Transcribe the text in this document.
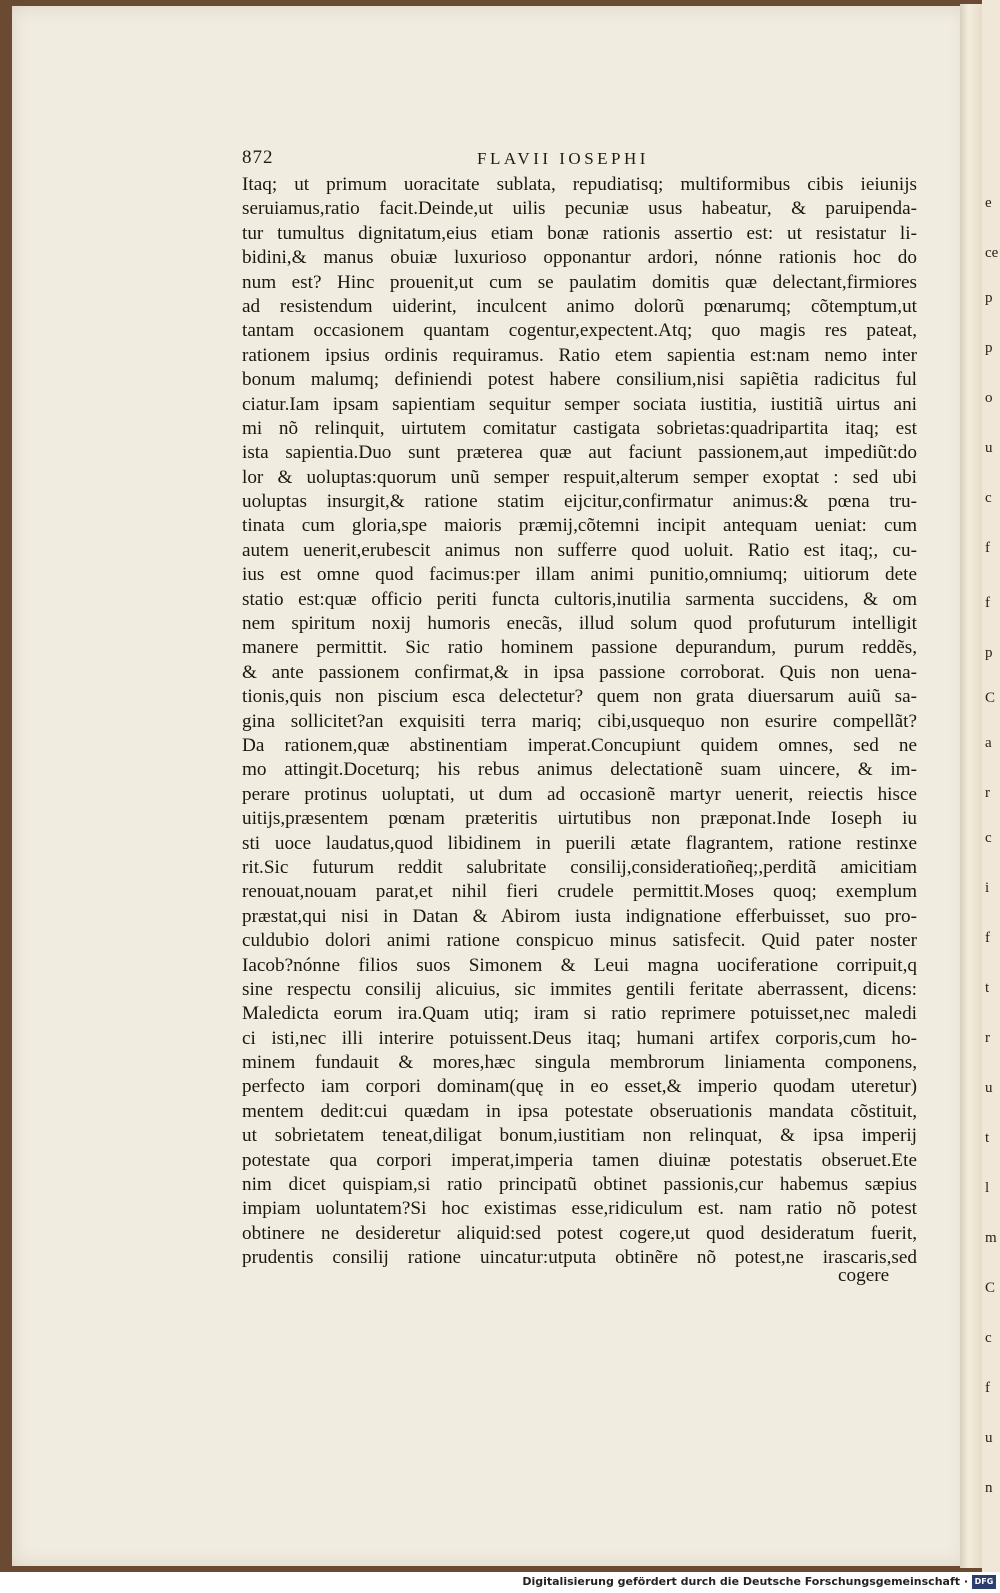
872	FLAVII IOSEPHI
Itaq; ut primum uoracitate sublata, repudiatisq; multiformibus cibis ieiunijs
seruiamus,ratio facit.Deinde,ut uilis pecuniæ usus habeatur, & paruipenda-
tur tumultus dignitatum,eius etiam bonæ rationis assertio est: ut resistatur li-
bidini,& manus obuiæ luxurioso opponantur ardori, nónne rationis hoc do
num est? Hinc prouenit,ut cum se paulatim domitis quæ delectant,firmiores
ad resistendum uiderint, inculcent animo dolorũ pœnarumq; cõtemptum,ut
tantam occasionem quantam cogentur,expectent.Atq; quo magis res pateat,
rationem ipsius ordinis requiramus. Ratio etem sapientia est:nam nemo inter
bonum malumq; definiendi potest habere consilium,nisi sapiẽtia radicitus ful
ciatur.Iam ipsam sapientiam sequitur semper sociata iustitia, iustitiã uirtus ani
mi nõ relinquit, uirtutem comitatur castigata sobrietas:quadripartita itaq; est
ista sapientia.Duo sunt præterea quæ aut faciunt passionem,aut impediũt:do
lor & uoluptas:quorum unũ semper respuit,alterum semper exoptat : sed ubi
uoluptas insurgit,& ratione statim eijcitur,confirmatur animus:& pœna tru-
tinata cum gloria,spe maioris præmij,cõtemni incipit antequam ueniat: cum
autem uenerit,erubescit animus non sufferre quod uoluit. Ratio est itaq;, cu-
ius est omne quod facimus:per illam animi punitio,omniumq; uitiorum dete
statio est:quæ officio periti functa cultoris,inutilia sarmenta succidens, & om
nem spiritum noxij humoris enecãs, illud solum quod profuturum intelligit
manere permittit. Sic ratio hominem passione depurandum, purum reddẽs,
& ante passionem confirmat,& in ipsa passione corroborat. Quis non uena-
tionis,quis non piscium esca delectetur? quem non grata diuersarum auiũ sa-
gina sollicitet?an exquisiti terra mariq; cibi,usquequo non esurire compellãt?
Da rationem,quæ abstinentiam imperat.Concupiunt quidem omnes, sed ne
mo attingit.Doceturq; his rebus animus delectationẽ suam uincere, & im-
perare protinus uoluptati, ut dum ad occasionẽ martyr uenerit, reiectis hisce
uitijs,præsentem pœnam præteritis uirtutibus non præponat.Inde Ioseph iu
sti uoce laudatus,quod libidinem in puerili ætate flagrantem, ratione restinxe
rit.Sic futurum reddit salubritate consilij,consideratioñeq;,perditã amicitiam
renouat,nouam parat,et nihil fieri crudele permittit.Moses quoq; exemplum
præstat,qui nisi in Datan & Abirom iusta indignatione efferbuisset, suo pro-
culdubio dolori animi ratione conspicuo minus satisfecit. Quid pater noster
Iacob?nónne filios suos Simonem & Leui magna uociferatione corripuit,q
sine respectu consilij alicuius, sic immites gentili feritate aberrassent, dicens:
Maledicta eorum ira.Quam utiq; iram si ratio reprimere potuisset,nec maledi
ci isti,nec illi interire potuissent.Deus itaq; humani artifex corporis,cum ho-
minem fundauit & mores,hæc singula membrorum liniamenta componens,
perfecto iam corpori dominam(quę in eo esset,& imperio quodam uteretur)
mentem dedit:cui quædam in ipsa potestate obseruationis mandata cõstituit,
ut sobrietatem teneat,diligat bonum,iustitiam non relinquat, & ipsa imperij
potestate qua corpori imperat,imperia tamen diuinæ potestatis obseruet.Ete
nim dicet quispiam,si ratio principatũ obtinet passionis,cur habemus sæpius
impiam uoluntatem?Si hoc existimas esse,ridiculum est. nam ratio nõ potest
obtinere ne desideretur aliquid:sed potest cogere,ut quod desideratum fuerit,
prudentis consilij ratione uincatur:utputa obtinẽre nõ potest,ne irascaris,sed
cogere
e
ce
p
p
o
u
c
f
f
p
C
a
r
c
i
f
t
r
u
t
l
m
C
c
f
u
n
Digitalisierung gefördert durch die Deutsche Forschungsgemeinschaft · DFG
